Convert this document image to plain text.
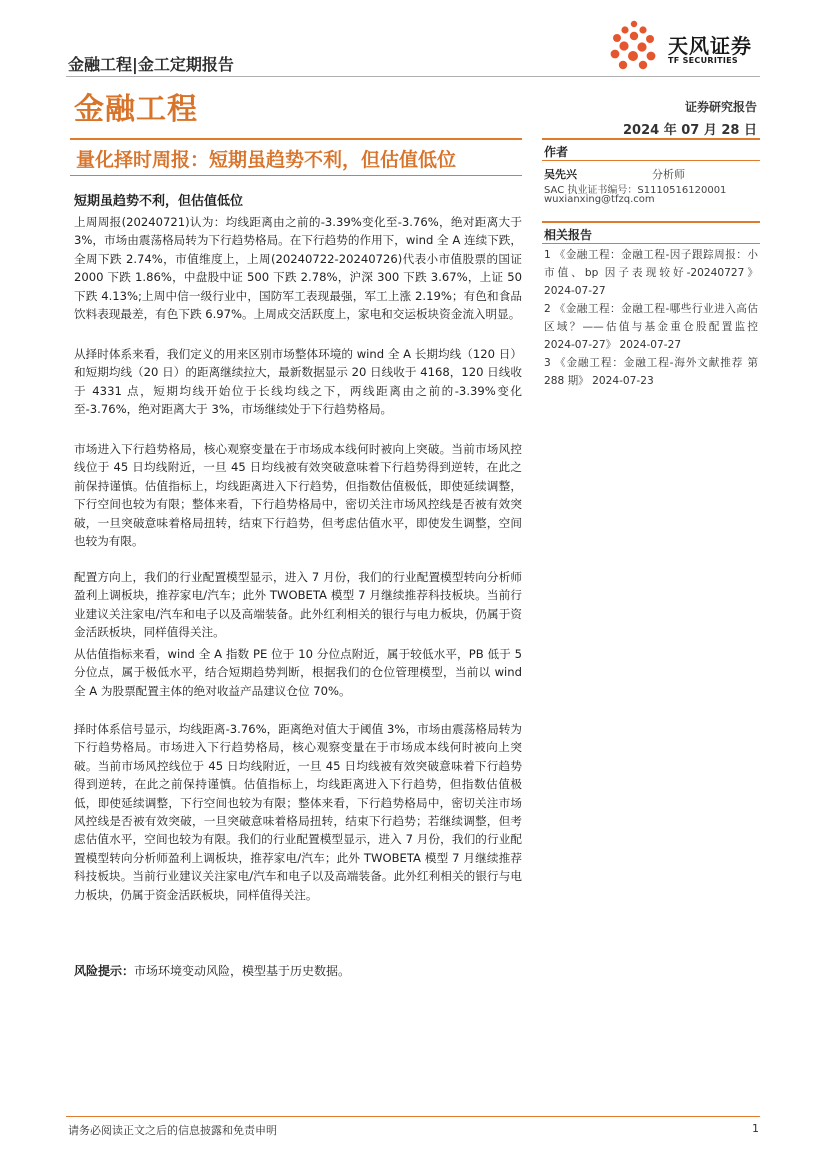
金融工程|金工定期报告
金融工程	证券研究报告
2024 年 07 月 28 日
天风证券
TF SECURITIES
量化择时周报：短期虽趋势不利，但估值低位
短期虽趋势不利，但估值低位

上周周报(20240721)认为：均线距离由之前的-3.39%变化至-3.76%，绝对距离大于 3%，市场由震荡格局转为下行趋势格局。在下行趋势的作用下，wind 全 A 连续下跌，全周下跌 2.74%，市值维度上，上周(20240722-20240726)代表小市值股票的国证 2000 下跌 1.86%，中盘股中证 500 下跌 2.78%，沪深 300 下跌 3.67%，上证 50 下跌 4.13%;上周中信一级行业中，国防军工表现最强，军工上涨 2.19%；有色和食品饮料表现最差，有色下跌 6.97%。上周成交活跃度上，家电和交运板块资金流入明显。

从择时体系来看，我们定义的用来区别市场整体环境的 wind 全 A 长期均线（120 日）和短期均线（20 日）的距离继续拉大，最新数据显示 20 日线收于 4168，120 日线收于 4331 点，短期均线开始位于长线均线之下，两线距离由之前的-3.39%变化至-3.76%，绝对距离大于 3%，市场继续处于下行趋势格局。

市场进入下行趋势格局，核心观察变量在于市场成本线何时被向上突破。当前市场风控线位于 45 日均线附近，一旦 45 日均线被有效突破意味着下行趋势得到逆转，在此之前保持谨慎。估值指标上，均线距离进入下行趋势，但指数估值极低，即使延续调整，下行空间也较为有限；整体来看，下行趋势格局中，密切关注市场风控线是否被有效突破，一旦突破意味着格局扭转，结束下行趋势，但考虑估值水平，即使发生调整，空间也较为有限。

配置方向上，我们的行业配置模型显示，进入 7 月份，我们的行业配置模型转向分析师盈利上调板块，推荐家电/汽车；此外 TWOBETA 模型 7 月继续推荐科技板块。当前行业建议关注家电/汽车和电子以及高端装备。此外红利相关的银行与电力板块，仍属于资金活跃板块，同样值得关注。

从估值指标来看，wind 全 A 指数 PE 位于 10 分位点附近，属于较低水平，PB 低于 5 分位点，属于极低水平，结合短期趋势判断，根据我们的仓位管理模型，当前以 wind 全 A 为股票配置主体的绝对收益产品建议仓位 70%。

择时体系信号显示，均线距离-3.76%，距离绝对值大于阈值 3%，市场由震荡格局转为下行趋势格局。市场进入下行趋势格局，核心观察变量在于市场成本线何时被向上突破。当前市场风控线位于 45 日均线附近，一旦 45 日均线被有效突破意味着下行趋势得到逆转，在此之前保持谨慎。估值指标上，均线距离进入下行趋势，但指数估值极低，即使延续调整，下行空间也较为有限；整体来看，下行趋势格局中，密切关注市场风控线是否被有效突破，一旦突破意味着格局扭转，结束下行趋势；若继续调整，但考虑估值水平，空间也较为有限。我们的行业配置模型显示，进入 7 月份，我们的行业配置模型转向分析师盈利上调板块，推荐家电/汽车；此外 TWOBETA 模型 7 月继续推荐科技板块。当前行业建议关注家电/汽车和电子以及高端装备。此外红利相关的银行与电力板块，仍属于资金活跃板块，同样值得关注。

风险提示：市场环境变动风险，模型基于历史数据。
作者
吴先兴	分析师
SAC 执业证书编号：S1110516120001
wuxianxing@tfzq.com
相关报告
1 《金融工程：金融工程-因子跟踪周报：小市值、bp 因子表现较好-20240727》 2024-07-27
2 《金融工程：金融工程-哪些行业进入高估区域？——估值与基金重仓股配置监控 2024-07-27》 2024-07-27
3 《金融工程：金融工程-海外文献推荐 第 288 期》 2024-07-23
请务必阅读正文之后的信息披露和免责申明	1
